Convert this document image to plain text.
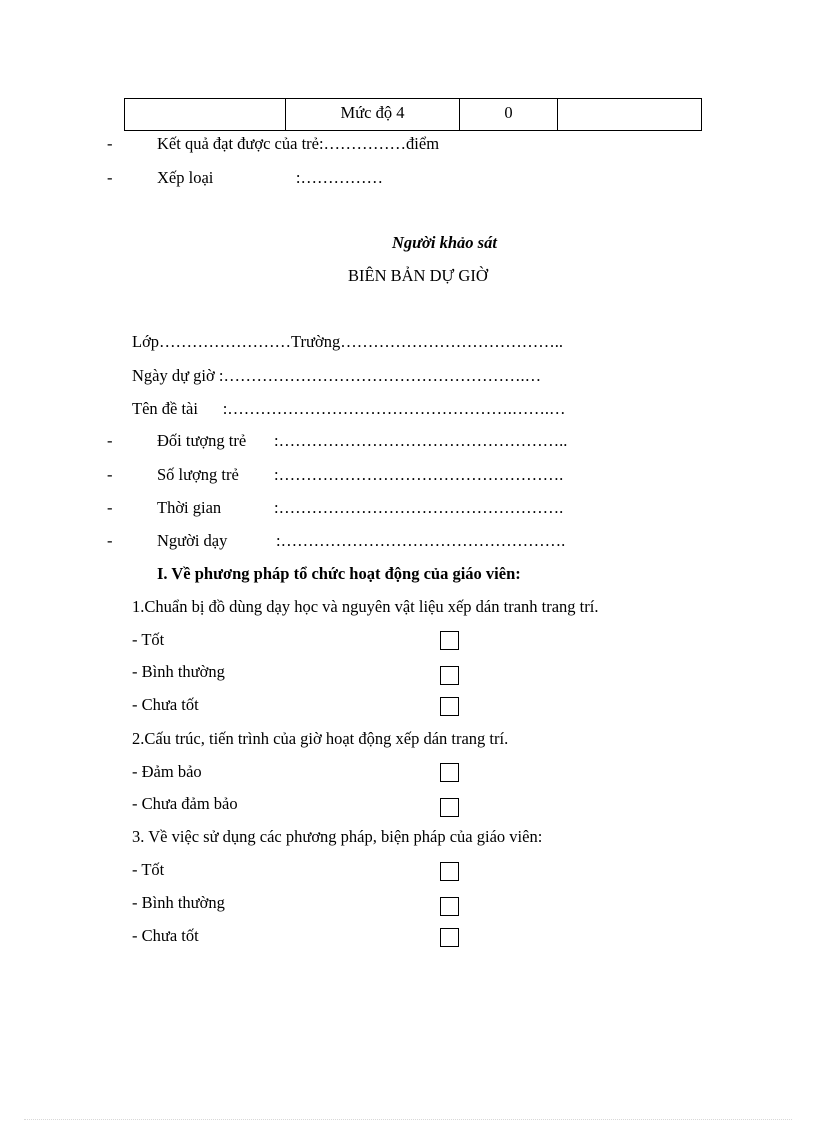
Mức độ 4	0
-	Kết quả đạt được của trẻ:……………điểm
-	Xếp loại                    :……………
Người khảo sát
BIÊN BẢN DỰ GIỜ
Lớp……………………Trường…………………………………..
Ngày dự giờ :……………………………………………….…
Tên đề tài      :…………………………………………….…….…
-	Đối tượng trẻ :……………………………………………..
-	Số lượng trẻ :…………………………………………….
-	Thời gian	:…………………………………………….
-	Người dạy	:…………………………………………….
I. Về phương pháp tổ chức hoạt động của giáo viên:
1.Chuẩn bị đồ dùng dạy học và nguyên vật liệu xếp dán tranh trang trí.
- Tốt
- Bình thường
- Chưa tốt
2.Cấu trúc, tiến trình của giờ hoạt động xếp dán trang trí.
- Đảm bảo
- Chưa đảm bảo
3. Về việc sử dụng các phương pháp, biện pháp của giáo viên:
- Tốt
- Bình thường
- Chưa tốt
